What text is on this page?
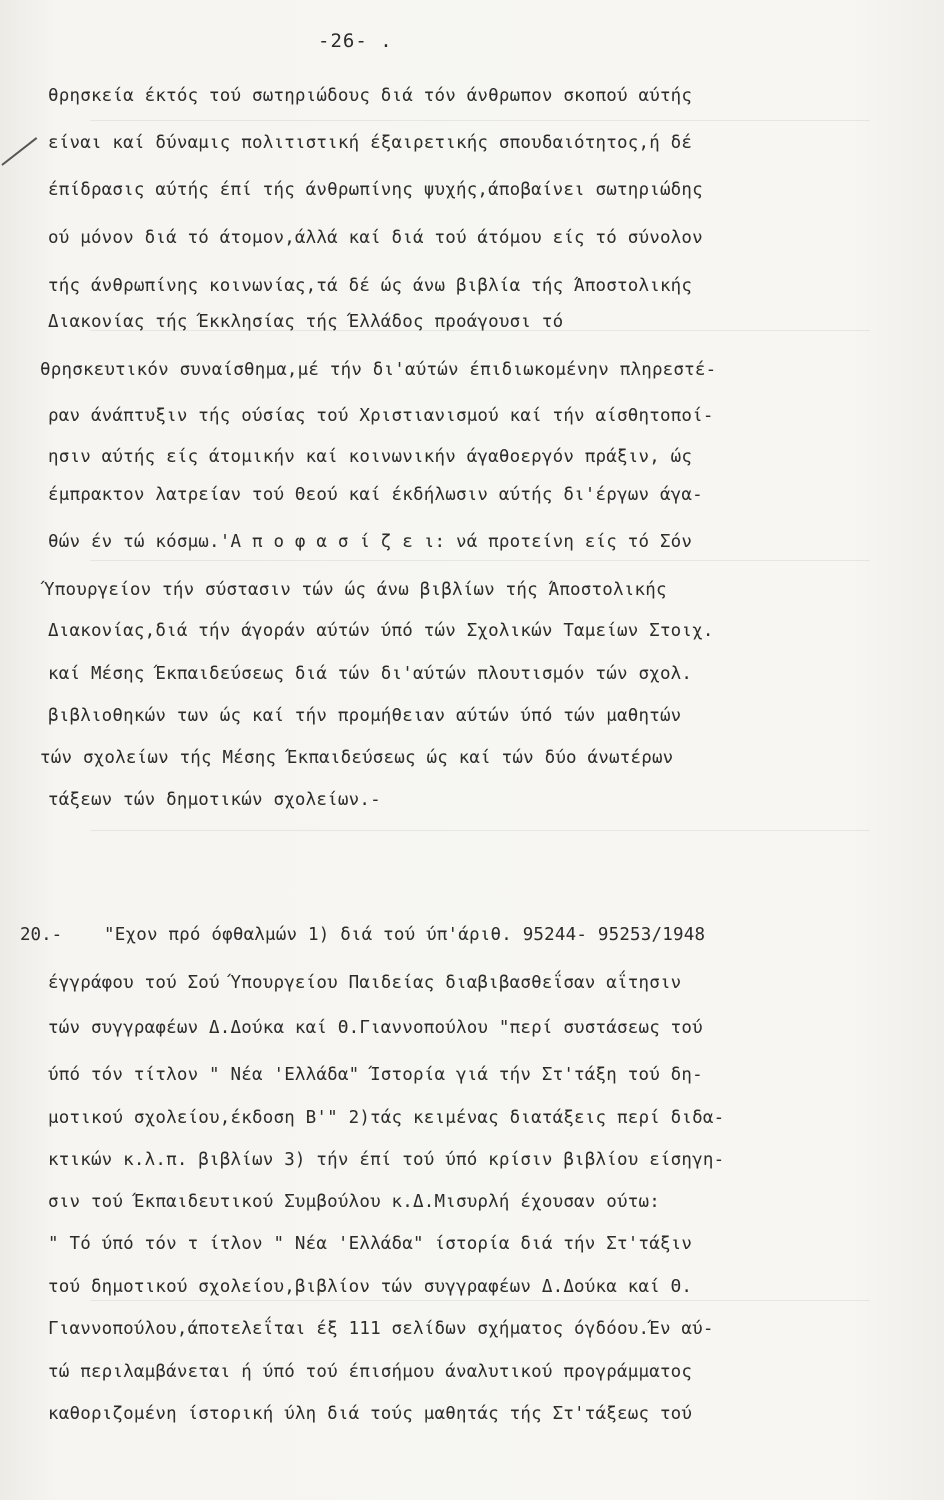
-26- .
θρησκεία έκτός τού σωτηριώδους διά τόν άνθρωπον σκοπού αύτής
είναι καί δύναμις πολιτιστική έξαιρετικής σπουδαιότητος,ή δέ
έπίδρασις αύτής έπί τής άνθρωπίνης ψυχής,άποβαίνει σωτηριώδης
ού μόνον διά τό άτομον,άλλά καί διά τού άτόμου είς τό σύνολον
τής άνθρωπίνης κοινωνίας,τά δέ ώς άνω βιβλία τής Άποστολικής
Διακονίας τής Έκκλησίας τής Έλλάδος προάγουσι τό
θρησκευτικόν συναίσθημα,μέ τήν δι'αύτών έπιδιωκομένην πληρεστέ-
ραν άνάπτυξιν τής ούσίας τού Χριστιανισμού καί τήν αίσθητοποί-
ησιν αύτής είς άτομικήν καί κοινωνικήν άγαθοεργόν πράξιν, ώς
έμπρακτον λατρείαν τού Θεού καί έκδήλωσιν αύτής δι'έργων άγα-
θών έν τώ κόσμω.'Α π ο φ α σ ί ζ ε ι: νά προτείνη είς τό Σόν
Ύπουργείον τήν σύστασιν τών ώς άνω βιβλίων τής Άποστολικής
Διακονίας,διά τήν άγοράν αύτών ύπό τών Σχολικών Ταμείων Στοιχ.
καί Μέσης Έκπαιδεύσεως διά τών δι'αύτών πλουτισμόν τών σχολ.
βιβλιοθηκών των ώς καί τήν προμήθειαν αύτών ύπό τών μαθητών
τών σχολείων τής Μέσης Έκπαιδεύσεως ώς καί τών δύο άνωτέρων
τάξεων τών δημοτικών σχολείων.-
20.- "Εχον πρό όφθαλμών 1) διά τού ύπ'άριθ. 95244- 95253/1948
έγγράφου τού Σού Ύπουργείου Παιδείας διαβιβασθεΐσαν αΐτησιν
τών συγγραφέων Δ.Δούκα καί Θ.Γιαννοπούλου "περί συστάσεως τού
ύπό τόν τίτλον " Νέα 'Ελλάδα" Ίστορία γιά τήν Στ'τάξη τού δη-
μοτικού σχολείου,έκδοση Β'" 2)τάς κειμένας διατάξεις περί διδα-
κτικών κ.λ.π. βιβλίων 3) τήν έπί τού ύπό κρίσιν βιβλίου είσηγη-
σιν τού Έκπαιδευτικού Συμβούλου κ.Δ.Μισυρλή έχουσαν ούτω:
" Τό ύπό τόν τ ίτλον " Νέα 'Ελλάδα" ίστορία διά τήν Στ'τάξιν
τού δημοτικού σχολείου,βιβλίον τών συγγραφέων Δ.Δούκα καί Θ.
Γιαννοπούλου,άποτελεΐται έξ 111 σελίδων σχήματος όγδόου.Έν αύ-
τώ περιλαμβάνεται ή ύπό τού έπισήμου άναλυτικού προγράμματος
καθοριζομένη ίστορική ύλη διά τούς μαθητάς τής Στ'τάξεως τού
